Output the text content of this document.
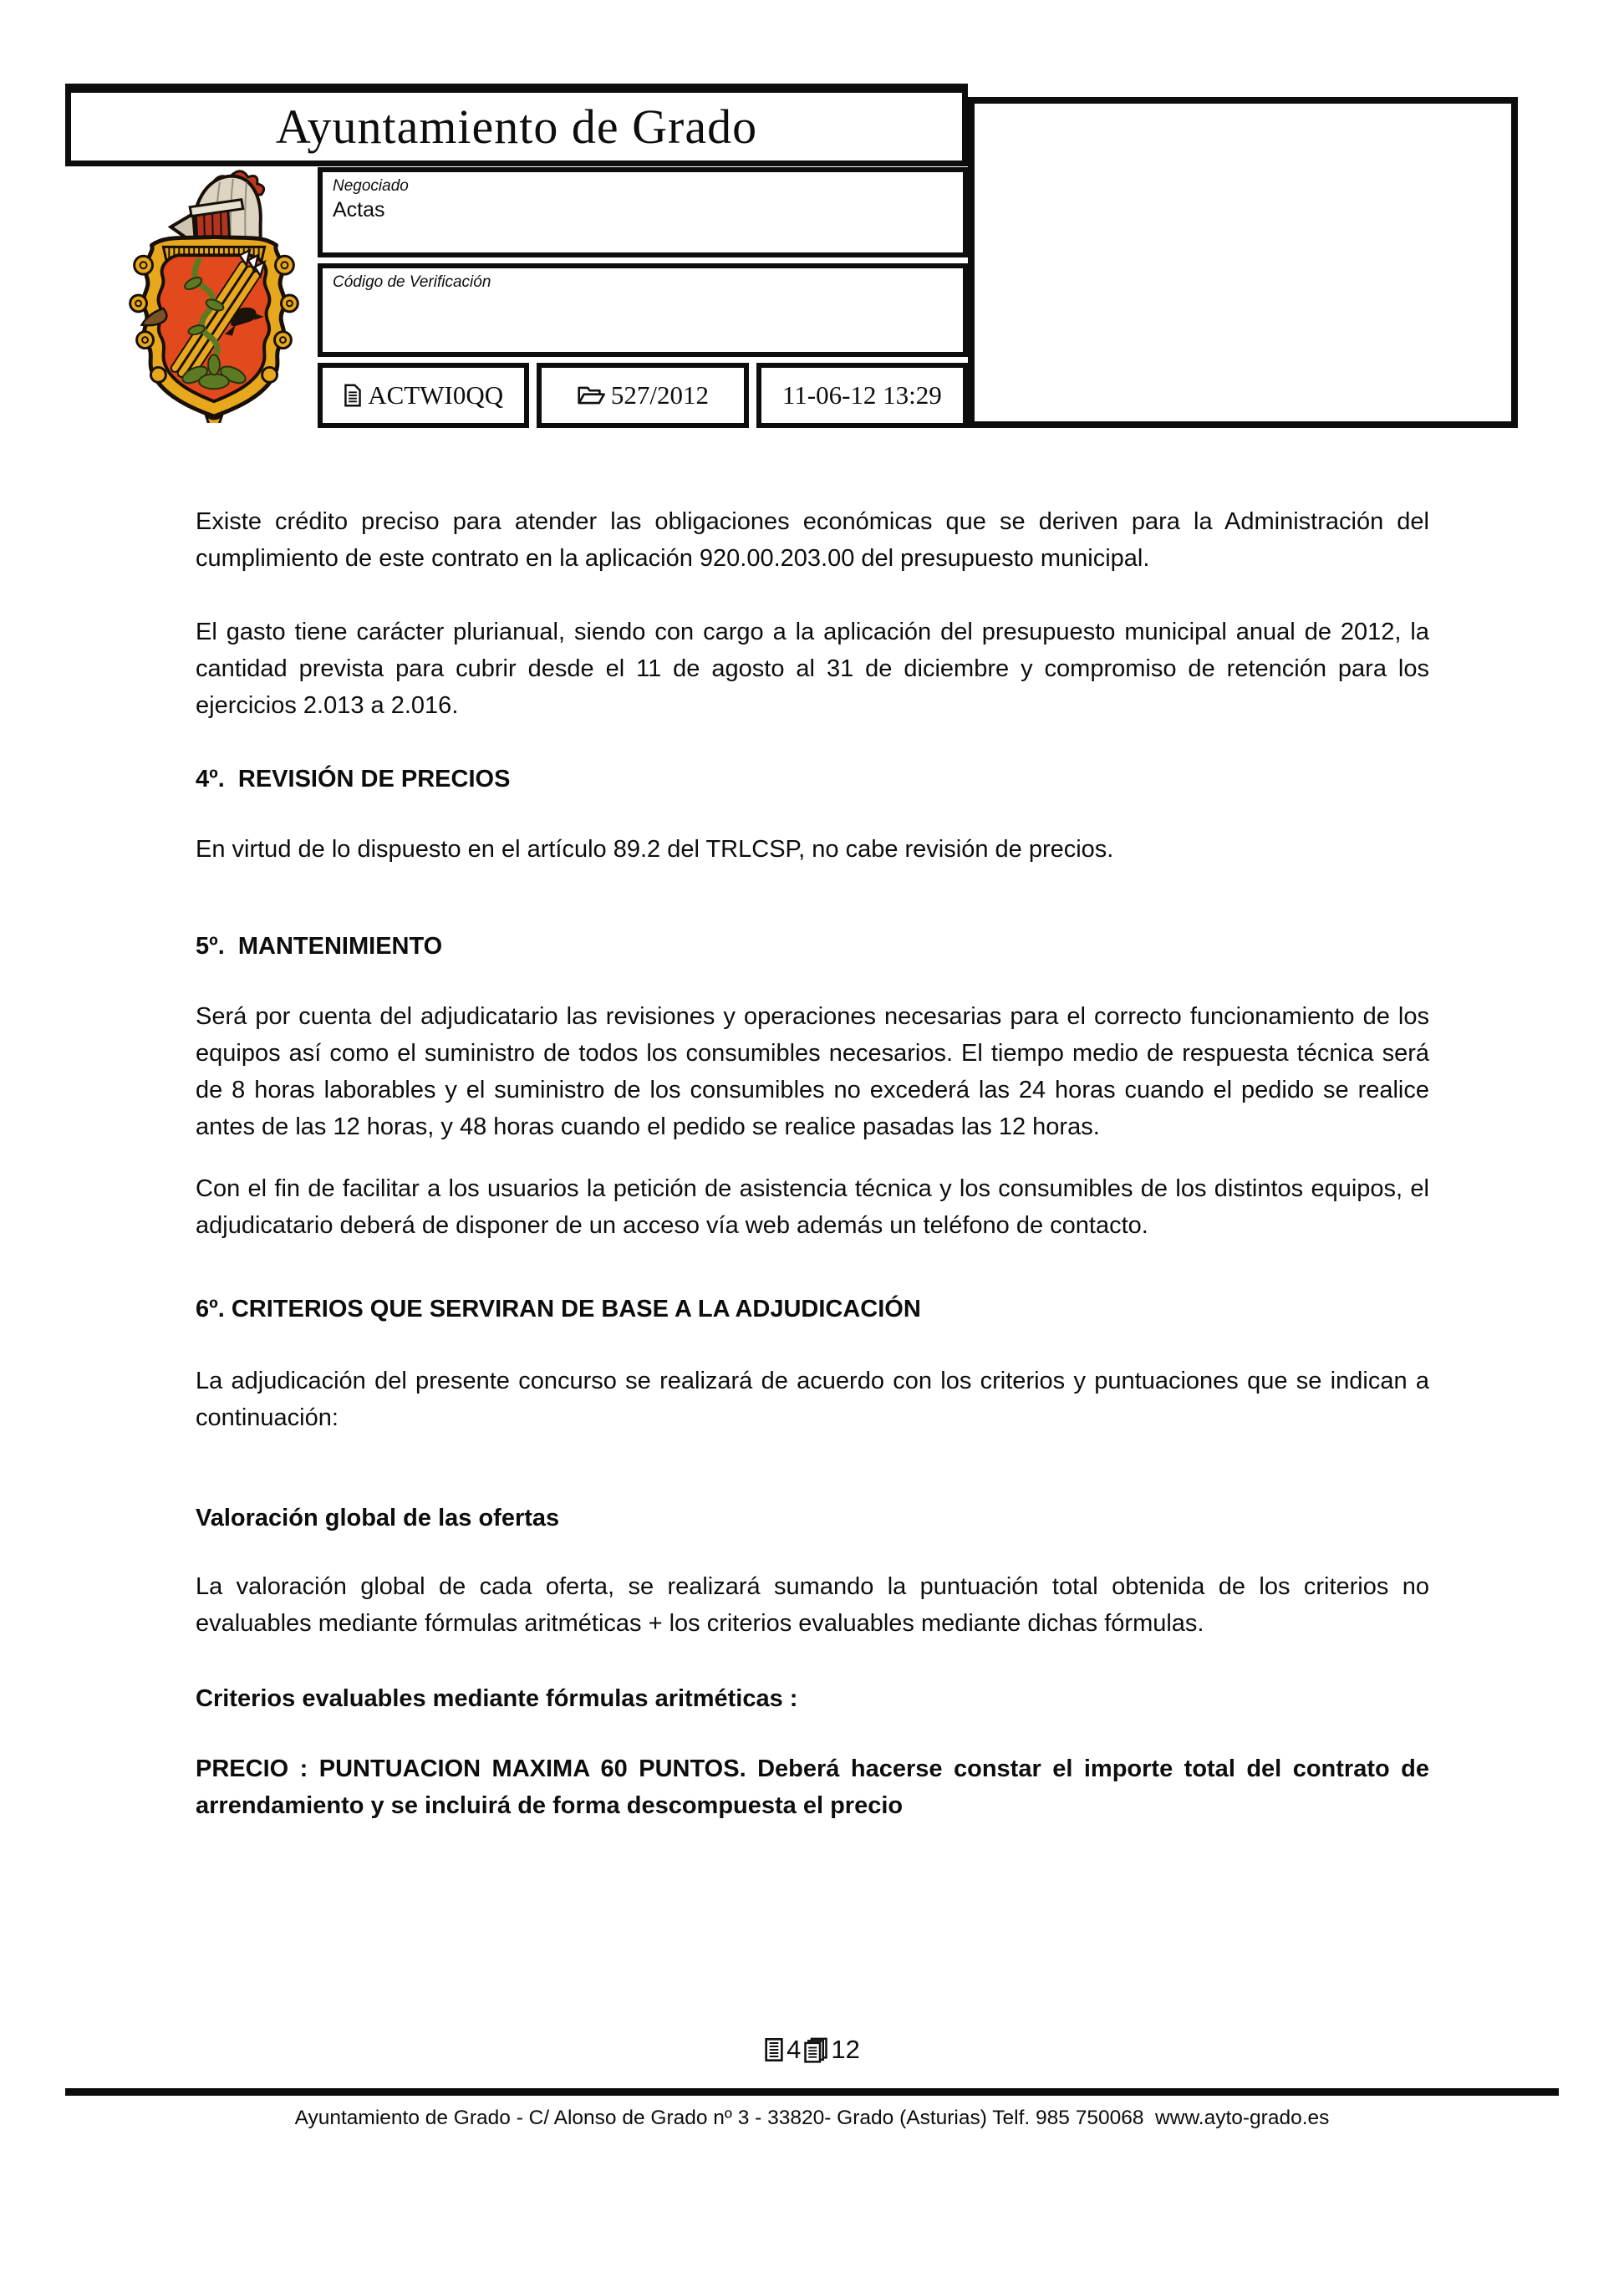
Ayuntamiento de Grado
Negociado
Actas
Código de Verificación
ACTWI0QQ	527/2012	11-06-12 13:29

Existe crédito preciso para atender las obligaciones económicas que se deriven para la Administración del cumplimiento de este contrato en la aplicación 920.00.203.00 del presupuesto municipal.

El gasto tiene carácter plurianual, siendo con cargo a la aplicación del presupuesto municipal anual de 2012, la cantidad prevista para cubrir desde el 11 de agosto al 31 de diciembre y compromiso de retención para los ejercicios 2.013 a 2.016.

4º.  REVISIÓN DE PRECIOS

En virtud de lo dispuesto en el artículo 89.2 del TRLCSP, no cabe revisión de precios.

5º.  MANTENIMIENTO

Será por cuenta del adjudicatario las revisiones y operaciones necesarias para el correcto funcionamiento de los equipos así como el suministro de todos los consumibles necesarios. El tiempo medio de respuesta técnica será de 8 horas laborables y el suministro de los consumibles no excederá las 24 horas cuando el pedido se realice antes de las 12 horas, y 48 horas cuando el pedido se realice pasadas las 12 horas.

Con el fin de facilitar a los usuarios la petición de asistencia técnica y los consumibles de los distintos equipos, el adjudicatario deberá de disponer de un acceso vía web además un teléfono de contacto.

6º. CRITERIOS QUE SERVIRAN DE BASE A LA ADJUDICACIÓN

La adjudicación del presente concurso se realizará de acuerdo con los criterios y puntuaciones que se indican a continuación:

Valoración global de las ofertas

La valoración global de cada oferta, se realizará sumando la puntuación total obtenida de los criterios no evaluables mediante fórmulas aritméticas + los criterios evaluables mediante dichas fórmulas.

Criterios evaluables mediante fórmulas aritméticas :

PRECIO : PUNTUACION MAXIMA 60 PUNTOS. Deberá hacerse constar el importe total del contrato de arrendamiento y se incluirá de forma descompuesta el precio

4 12
Ayuntamiento de Grado - C/ Alonso de Grado nº 3 - 33820- Grado (Asturias) Telf. 985 750068  www.ayto-grado.es
